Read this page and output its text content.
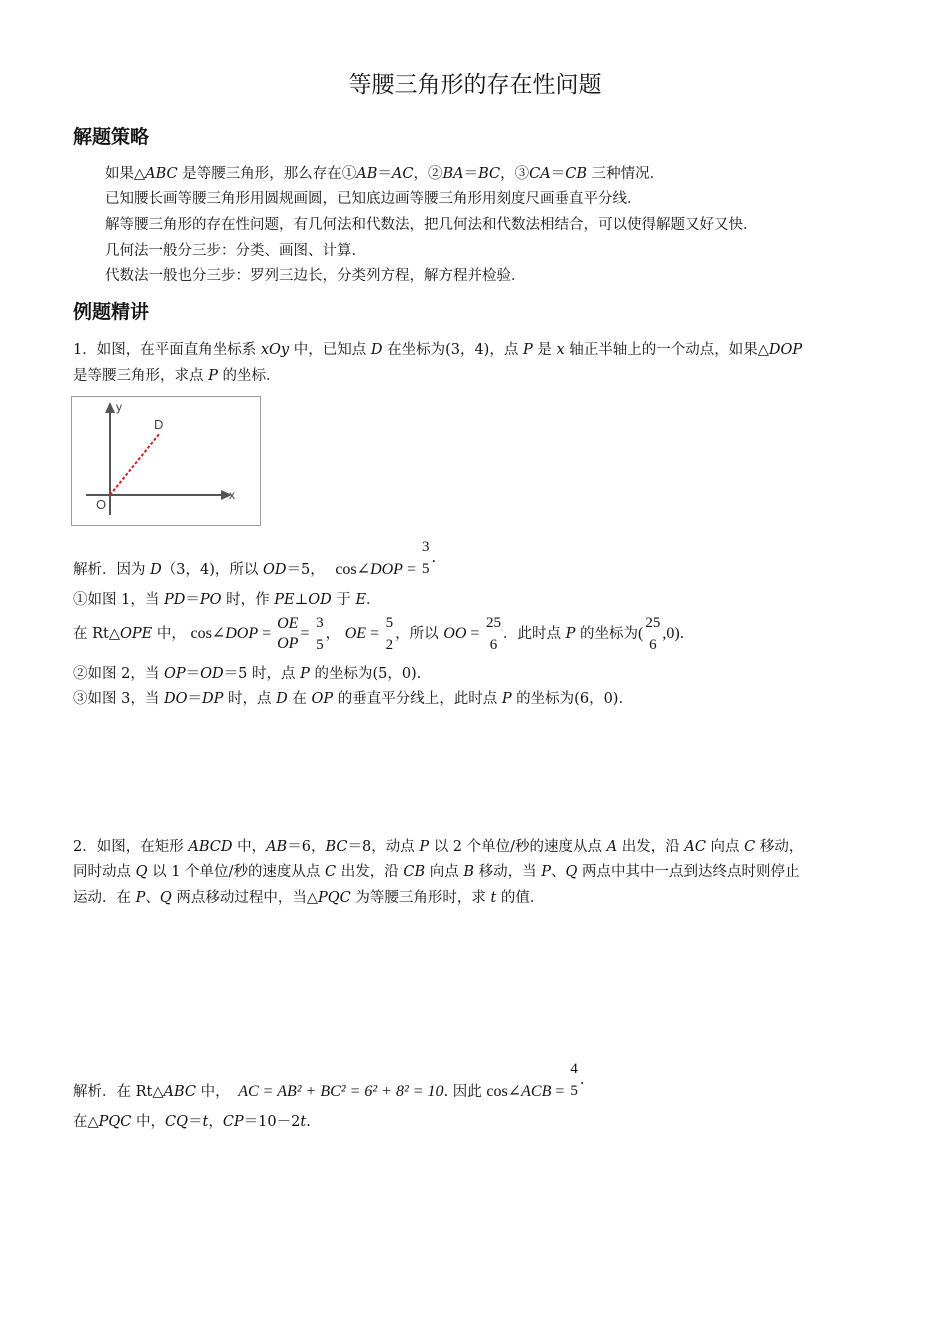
等腰三角形的存在性问题
解题策略
如果△ABC 是等腰三角形，那么存在①AB＝AC，②BA＝BC，③CA＝CB 三种情况．
已知腰长画等腰三角形用圆规画圆，已知底边画等腰三角形用刻度尺画垂直平分线．
解等腰三角形的存在性问题，有几何法和代数法，把几何法和代数法相结合，可以使得解题又好又快．
几何法一般分三步：分类、画图、计算．
代数法一般也分三步：罗列三边长，分类列方程，解方程并检验．
例题精讲
1．如图，在平面直角坐标系 xOy 中，已知点 D 在坐标为(3，4)，点 P 是 x 轴正半轴上的一个动点，如果△DOP
是等腰三角形，求点 P 的坐标．
y
x
O
D
解析．因为 D（3，4)，所以 OD＝5， cos∠DOP =
3
5
.
①如图 1，当 PD＝PO 时，作 PE⊥OD 于 E．
在 Rt△OPE 中， cos∠DOP = OE
OP
=
3
5
， OE =
5
2
，所以 OO =
25
6
．此时点 P 的坐标为(
25
6
,0).
②如图 2，当 OP＝OD＝5 时，点 P 的坐标为(5，0)．
③如图 3，当 DO＝DP 时，点 D 在 OP 的垂直平分线上，此时点 P 的坐标为(6，0)．
2．如图，在矩形 ABCD 中，AB＝6，BC＝8，动点 P 以 2 个单位/秒的速度从点 A 出发，沿 AC 向点 C 移动，
同时动点 Q 以 1 个单位/秒的速度从点 C 出发，沿 CB 向点 B 移动，当 P、Q 两点中其中一点到达终点时则停止
运动．在 P、Q 两点移动过程中，当△PQC 为等腰三角形时，求 t 的值．
解析．在 Rt△ABC 中， AC = AB² + BC² = 6² + 8² = 10. 因此 cos∠ACB =
4
5
.
在△PQC 中，CQ＝t，CP＝10－2t.
